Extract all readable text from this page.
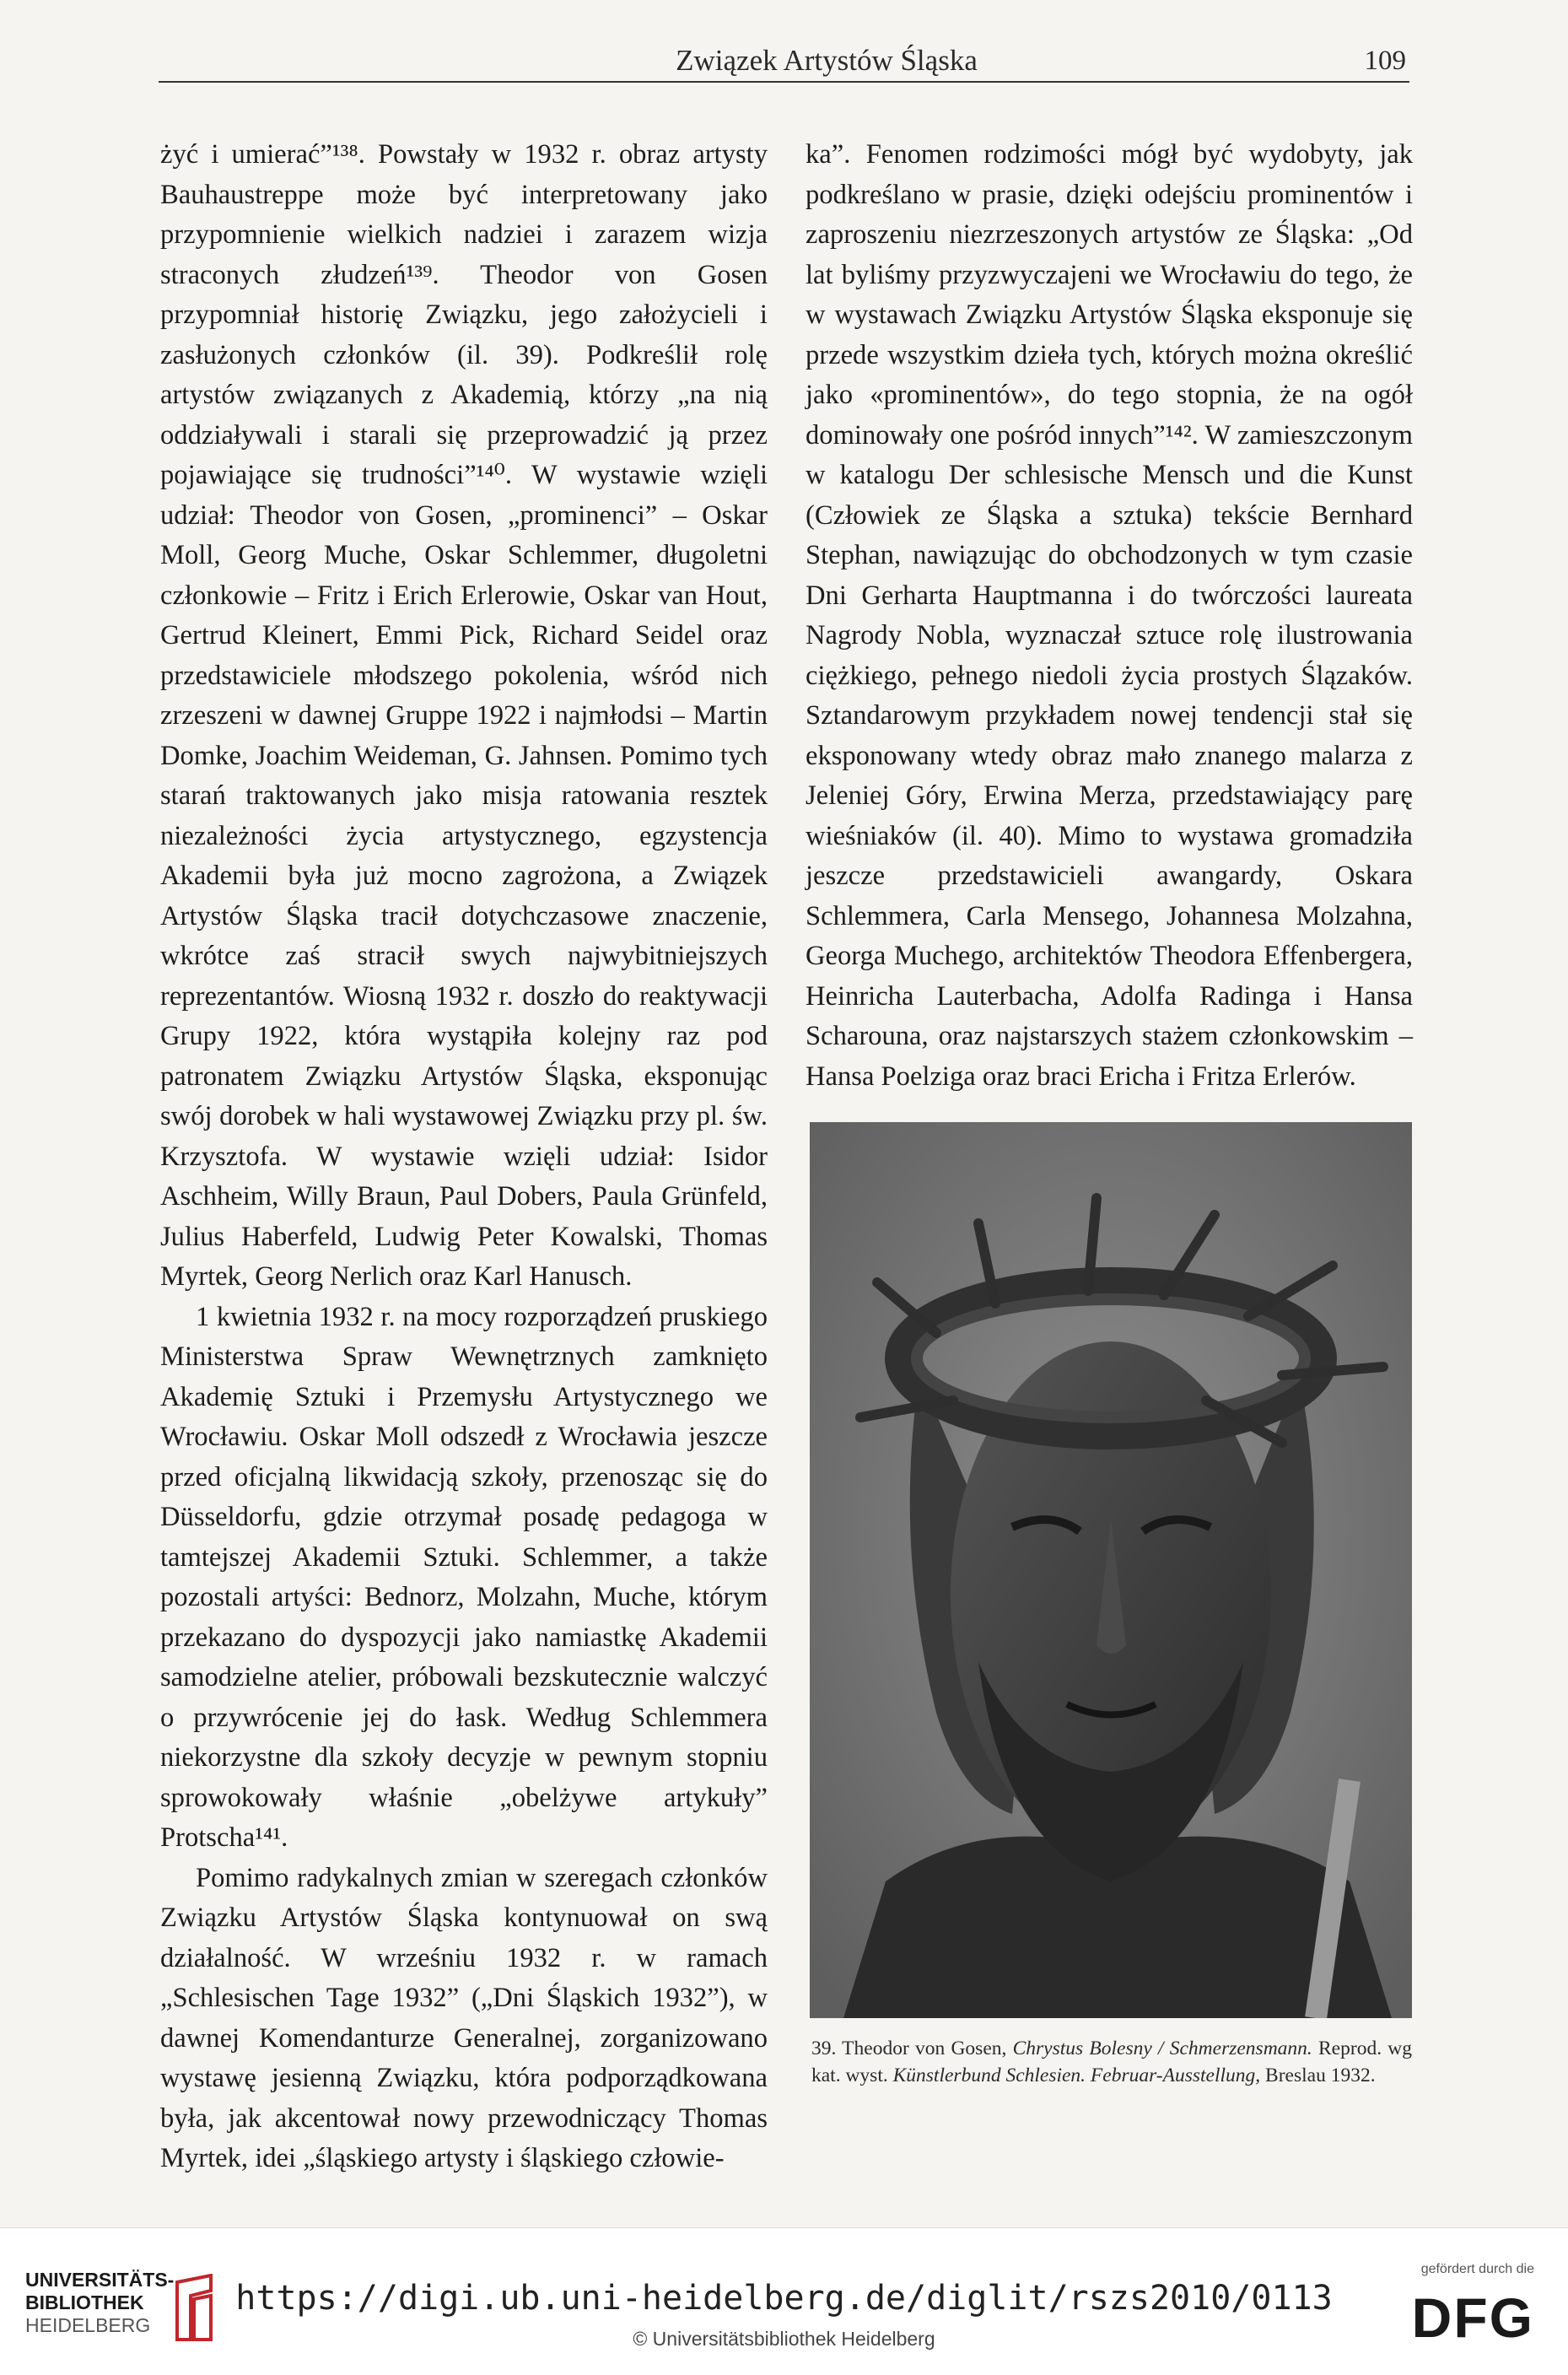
Związek Artystów Śląska	109

żyć i umierać”¹³⁸. Powstały w 1932 r. obraz artysty Bauhaustreppe może być interpretowany jako przypomnienie wielkich nadziei i zarazem wizja straconych złudzeń¹³⁹. Theodor von Gosen przypomniał historię Związku, jego założycieli i zasłużonych członków (il. 39). Podkreślił rolę artystów związanych z Akademią, którzy „na nią oddziaływali i starali się przeprowadzić ją przez pojawiające się trudności”¹⁴⁰. W wystawie wzięli udział: Theodor von Gosen, „prominenci” – Oskar Moll, Georg Muche, Oskar Schlemmer, długoletni członkowie – Fritz i Erich Erlerowie, Oskar van Hout, Gertrud Kleinert, Emmi Pick, Richard Seidel oraz przedstawiciele młodszego pokolenia, wśród nich zrzeszeni w dawnej Gruppe 1922 i najmłodsi – Martin Domke, Joachim Weideman, G. Jahnsen. Pomimo tych starań traktowanych jako misja ratowania resztek niezależności życia artystycznego, egzystencja Akademii była już mocno zagrożona, a Związek Artystów Śląska tracił dotychczasowe znaczenie, wkrótce zaś stracił swych najwybitniejszych reprezentantów. Wiosną 1932 r. doszło do reaktywacji Grupy 1922, która wystąpiła kolejny raz pod patronatem Związku Artystów Śląska, eksponując swój dorobek w hali wystawowej Związku przy pl. św. Krzysztofa. W wystawie wzięli udział: Isidor Aschheim, Willy Braun, Paul Dobers, Paula Grünfeld, Julius Haberfeld, Ludwig Peter Kowalski, Thomas Myrtek, Georg Nerlich oraz Karl Hanusch.

1 kwietnia 1932 r. na mocy rozporządzeń pruskiego Ministerstwa Spraw Wewnętrznych zamknięto Akademię Sztuki i Przemysłu Artystycznego we Wrocławiu. Oskar Moll odszedł z Wrocławia jeszcze przed oficjalną likwidacją szkoły, przenosząc się do Düsseldorfu, gdzie otrzymał posadę pedagoga w tamtejszej Akademii Sztuki. Schlemmer, a także pozostali artyści: Bednorz, Molzahn, Muche, którym przekazano do dyspozycji jako namiastkę Akademii samodzielne atelier, próbowali bezskutecznie walczyć o przywrócenie jej do łask. Według Schlemmera niekorzystne dla szkoły decyzje w pewnym stopniu sprowokowały właśnie „obelżywe artykuły” Protscha¹⁴¹.

Pomimo radykalnych zmian w szeregach członków Związku Artystów Śląska kontynuował on swą działalność. W wrześniu 1932 r. w ramach „Schlesischen Tage 1932” („Dni Śląskich 1932”), w dawnej Komendanturze Generalnej, zorganizowano wystawę jesienną Związku, która podporządkowana była, jak akcentował nowy przewodniczący Thomas Myrtek, idei „śląskiego artysty i śląskiego człowie-

ka”. Fenomen rodzimości mógł być wydobyty, jak podkreślano w prasie, dzięki odejściu prominentów i zaproszeniu niezrzeszonych artystów ze Śląska: „Od lat byliśmy przyzwyczajeni we Wrocławiu do tego, że w wystawach Związku Artystów Śląska eksponuje się przede wszystkim dzieła tych, których można określić jako «prominentów», do tego stopnia, że na ogół dominowały one pośród innych”¹⁴². W zamieszczonym w katalogu Der schlesische Mensch und die Kunst (Człowiek ze Śląska a sztuka) tekście Bernhard Stephan, nawiązując do obchodzonych w tym czasie Dni Gerharta Hauptmanna i do twórczości laureata Nagrody Nobla, wyznaczał sztuce rolę ilustrowania ciężkiego, pełnego niedoli życia prostych Ślązaków. Sztandarowym przykładem nowej tendencji stał się eksponowany wtedy obraz mało znanego malarza z Jeleniej Góry, Erwina Merza, przedstawiający parę wieśniaków (il. 40). Mimo to wystawa gromadziła jeszcze przedstawicieli awangardy, Oskara Schlemmera, Carla Mensego, Johannesa Molzahna, Georga Muchego, architektów Theodora Effenbergera, Heinricha Lauterbacha, Adolfa Radinga i Hansa Scharouna, oraz najstarszych stażem członkowskim – Hansa Poelziga oraz braci Ericha i Fritza Erlerów.

39. Theodor von Gosen, Chrystus Bolesny / Schmerzensmann. Reprod. wg kat. wyst. Künstlerbund Schlesien. Februar-Ausstellung, Breslau 1932.
UNIVERSITÄTS-
BIBLIOTHEK
HEIDELBERG
https://digi.ub.uni-heidelberg.de/diglit/rszs2010/0113
© Universitätsbibliothek Heidelberg
gefördert durch die
DFG
